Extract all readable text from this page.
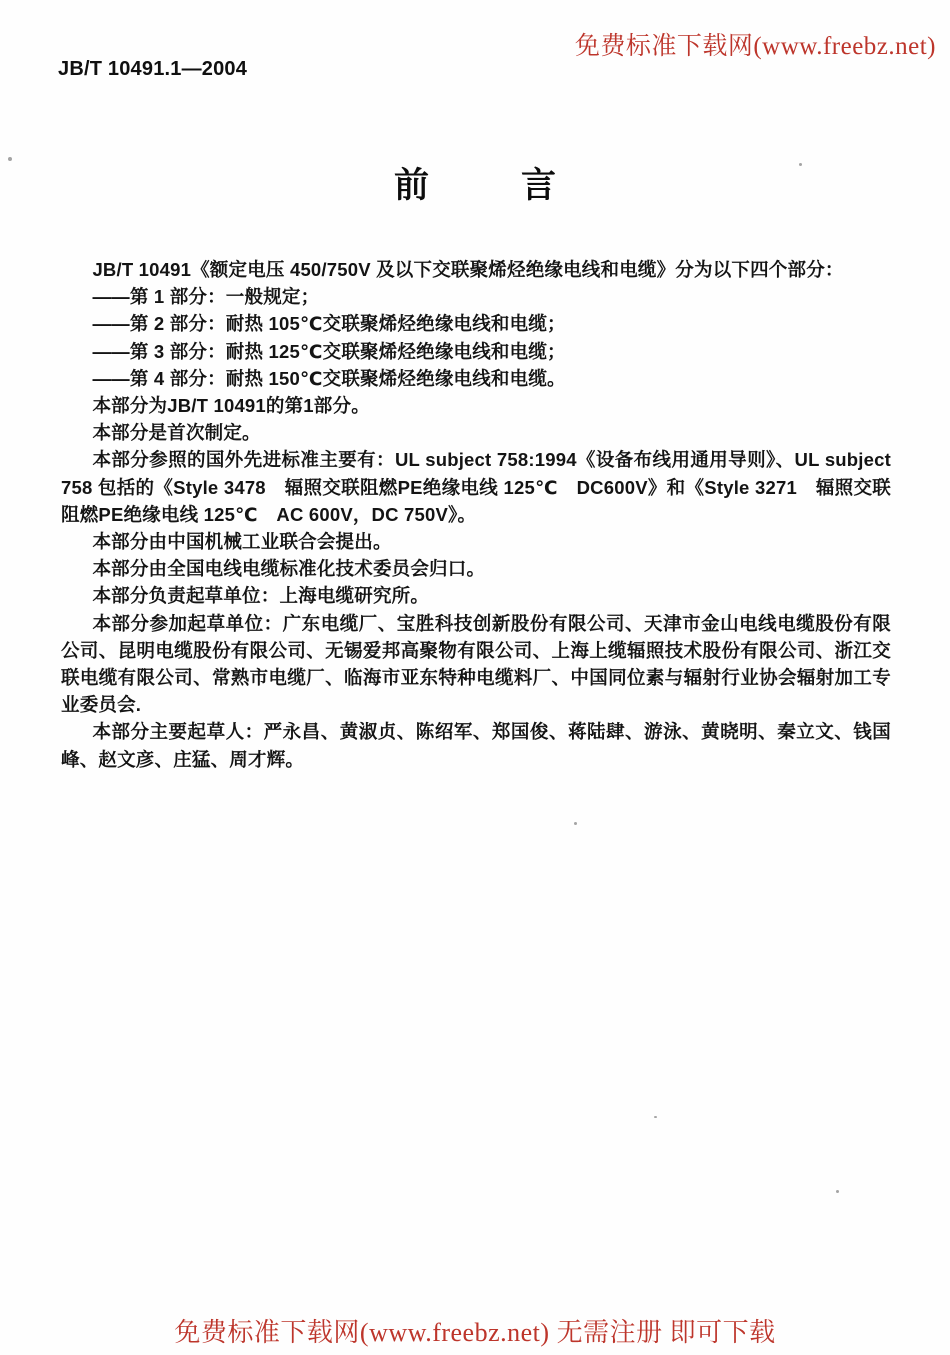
免费标准下载网(www.freebz.net)
JB/T 10491.1—2004
前	言

JB/T 10491《额定电压 450/750V 及以下交联聚烯烃绝缘电线和电缆》分为以下四个部分：

——第 1 部分：一般规定；

——第 2 部分：耐热 105℃交联聚烯烃绝缘电线和电缆；

——第 3 部分：耐热 125℃交联聚烯烃绝缘电线和电缆；

——第 4 部分：耐热 150℃交联聚烯烃绝缘电线和电缆。

本部分为JB/T 10491的第1部分。

本部分是首次制定。

本部分参照的国外先进标准主要有：UL subject 758:1994《设备布线用通用导则》、UL subject 758 包括的《Style 3478　辐照交联阻燃PE绝缘电线 125℃　DC600V》和《Style 3271　辐照交联阻燃PE绝缘电线 125℃　AC 600V，DC 750V》。

本部分由中国机械工业联合会提出。

本部分由全国电线电缆标准化技术委员会归口。

本部分负责起草单位：上海电缆研究所。

本部分参加起草单位：广东电缆厂、宝胜科技创新股份有限公司、天津市金山电线电缆股份有限公司、昆明电缆股份有限公司、无锡爱邦高聚物有限公司、上海上缆辐照技术股份有限公司、浙江交联电缆有限公司、常熟市电缆厂、临海市亚东特种电缆料厂、中国同位素与辐射行业协会辐射加工专业委员会.

本部分主要起草人：严永昌、黄淑贞、陈绍军、郑国俊、蒋陆肆、游泳、黄晓明、秦立文、钱国峰、赵文彦、庄猛、周才辉。

免费标准下载网(www.freebz.net) 无需注册 即可下载
